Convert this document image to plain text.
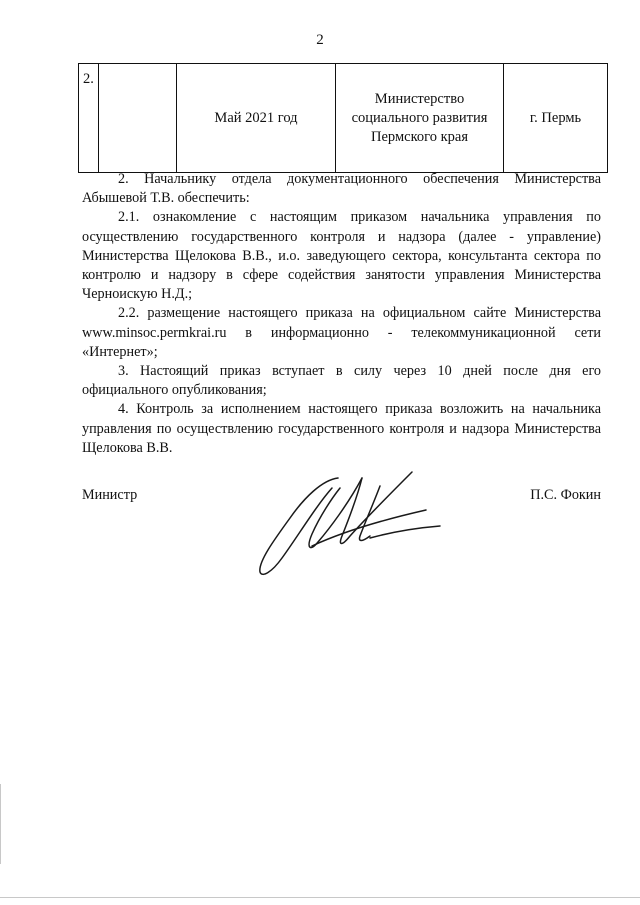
2
2.		Май 2021 год	Министерство социального развития Пермского края	г. Пермь

2. Начальнику отдела документационного обеспечения Министерства Абышевой Т.В. обеспечить:

2.1. ознакомление с настоящим приказом начальника управления по осуществлению государственного контроля и надзора (далее - управление) Министерства Щелокова В.В., и.о. заведующего сектора, консультанта сектора по контролю и надзору в сфере содействия занятости управления Министерства Черноискую Н.Д.;

2.2. размещение настоящего приказа на официальном сайте Министерства www.minsoc.permkrai.ru в информационно - телекоммуникационной сети «Интернет»;

3. Настоящий приказ вступает в силу через 10 дней после дня его официального опубликования;

4. Контроль за исполнением настоящего приказа возложить на начальника управления по осуществлению государственного контроля и надзора Министерства Щелокова В.В.

Министр	П.С. Фокин
